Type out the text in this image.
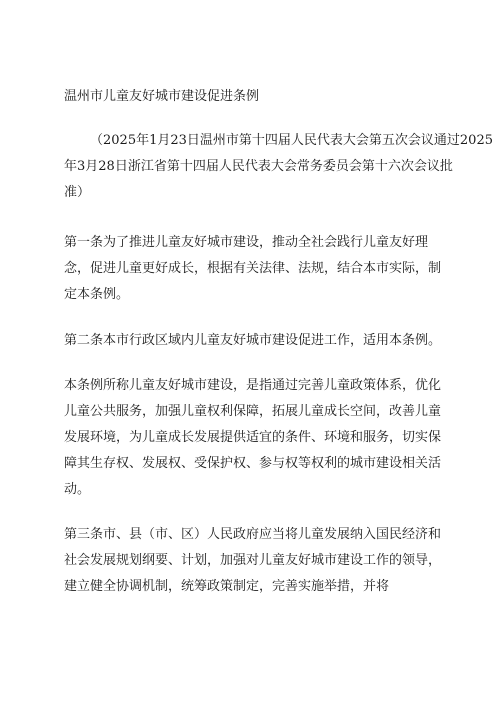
温州市儿童友好城市建设促进条例
（2025年1月23日温州市第十四届人民代表大会第五次会议通过2025
年3月28日浙江省第十四届人民代表大会常务委员会第十六次会议批
准）
第一条为了推进儿童友好城市建设，推动全社会践行儿童友好理
念，促进儿童更好成长，根据有关法律、法规，结合本市实际，制
定本条例。
第二条本市行政区域内儿童友好城市建设促进工作，适用本条例。
本条例所称儿童友好城市建设，是指通过完善儿童政策体系，优化
儿童公共服务，加强儿童权利保障，拓展儿童成长空间，改善儿童
发展环境，为儿童成长发展提供适宜的条件、环境和服务，切实保
障其生存权、发展权、受保护权、参与权等权利的城市建设相关活
动。
第三条市、县（市、区）人民政府应当将儿童发展纳入国民经济和
社会发展规划纲要、计划，加强对儿童友好城市建设工作的领导，
建立健全协调机制，统筹政策制定，完善实施举措，并将
